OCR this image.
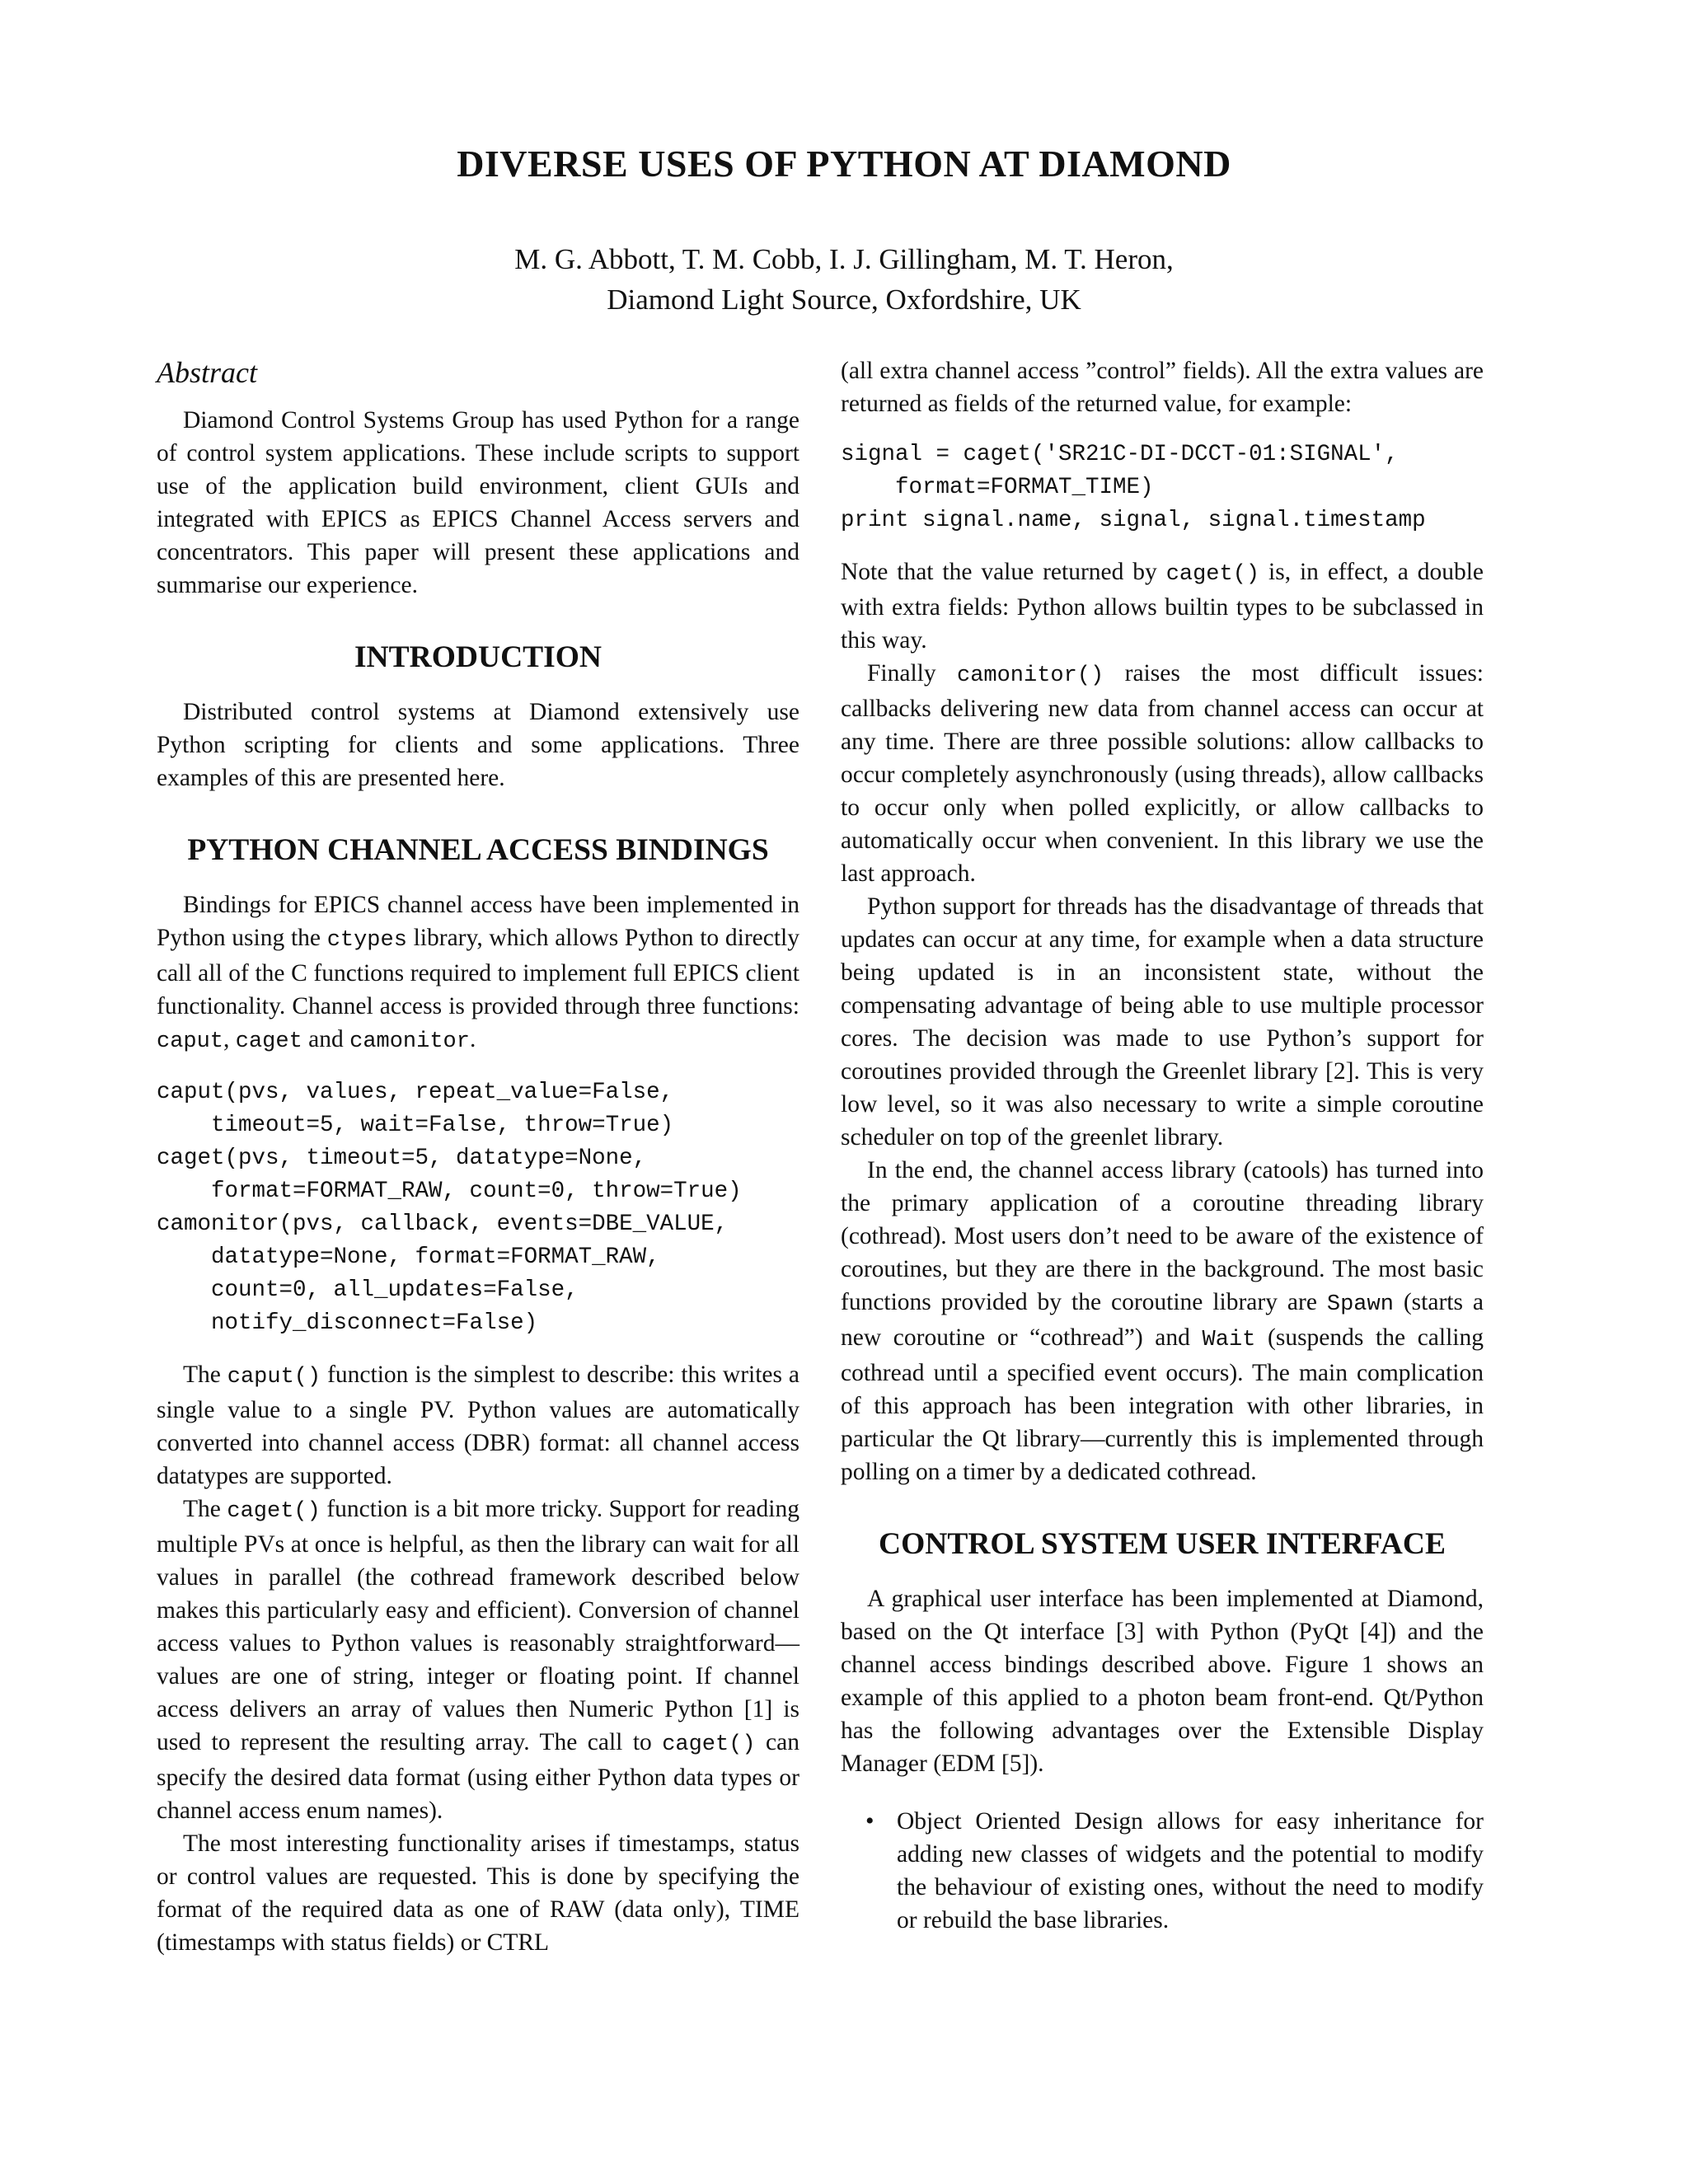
DIVERSE USES OF PYTHON AT DIAMOND
M. G. Abbott, T. M. Cobb, I. J. Gillingham, M. T. Heron,
Diamond Light Source, Oxfordshire, UK
Abstract

Diamond Control Systems Group has used Python for a range of control system applications. These include scripts to support use of the application build environment, client GUIs and integrated with EPICS as EPICS Channel Access servers and concentrators. This paper will present these applications and summarise our experience.

INTRODUCTION

Distributed control systems at Diamond extensively use Python scripting for clients and some applications. Three examples of this are presented here.

PYTHON CHANNEL ACCESS BINDINGS

Bindings for EPICS channel access have been implemented in Python using the ctypes library, which allows Python to directly call all of the C functions required to implement full EPICS client functionality. Channel access is provided through three functions: caput, caget and camonitor.

caput(pvs, values, repeat_value=False,
timeout=5, wait=False, throw=True)
caget(pvs, timeout=5, datatype=None,
format=FORMAT_RAW, count=0, throw=True)
camonitor(pvs, callback, events=DBE_VALUE,
datatype=None, format=FORMAT_RAW,
count=0, all_updates=False,
notify_disconnect=False)

The caput() function is the simplest to describe: this writes a single value to a single PV. Python values are automatically converted into channel access (DBR) format: all channel access datatypes are supported.

The caget() function is a bit more tricky. Support for reading multiple PVs at once is helpful, as then the library can wait for all values in parallel (the cothread framework described below makes this particularly easy and efficient). Conversion of channel access values to Python values is reasonably straightforward—values are one of string, integer or floating point. If channel access delivers an array of values then Numeric Python [1] is used to represent the resulting array. The call to caget() can specify the desired data format (using either Python data types or channel access enum names).

The most interesting functionality arises if timestamps, status or control values are requested. This is done by specifying the format of the required data as one of RAW (data only), TIME (timestamps with status fields) or CTRL

(all extra channel access ”control” fields). All the extra values are returned as fields of the returned value, for example:

signal = caget('SR21C-DI-DCCT-01:SIGNAL',
format=FORMAT_TIME)
print signal.name, signal, signal.timestamp

Note that the value returned by caget() is, in effect, a double with extra fields: Python allows builtin types to be subclassed in this way.

Finally camonitor() raises the most difficult issues: callbacks delivering new data from channel access can occur at any time. There are three possible solutions: allow callbacks to occur completely asynchronously (using threads), allow callbacks to occur only when polled explicitly, or allow callbacks to automatically occur when convenient. In this library we use the last approach.

Python support for threads has the disadvantage of threads that updates can occur at any time, for example when a data structure being updated is in an inconsistent state, without the compensating advantage of being able to use multiple processor cores. The decision was made to use Python’s support for coroutines provided through the Greenlet library [2]. This is very low level, so it was also necessary to write a simple coroutine scheduler on top of the greenlet library.

In the end, the channel access library (catools) has turned into the primary application of a coroutine threading library (cothread). Most users don’t need to be aware of the existence of coroutines, but they are there in the background. The most basic functions provided by the coroutine library are Spawn (starts a new coroutine or “cothread”) and Wait (suspends the calling cothread until a specified event occurs). The main complication of this approach has been integration with other libraries, in particular the Qt library—currently this is implemented through polling on a timer by a dedicated cothread.

CONTROL SYSTEM USER INTERFACE

A graphical user interface has been implemented at Diamond, based on the Qt interface [3] with Python (PyQt [4]) and the channel access bindings described above. Figure 1 shows an example of this applied to a photon beam front-end. Qt/Python has the following advantages over the Extensible Display Manager (EDM [5]).

• Object Oriented Design allows for easy inheritance for adding new classes of widgets and the potential to modify the behaviour of existing ones, without the need to modify or rebuild the base libraries.
